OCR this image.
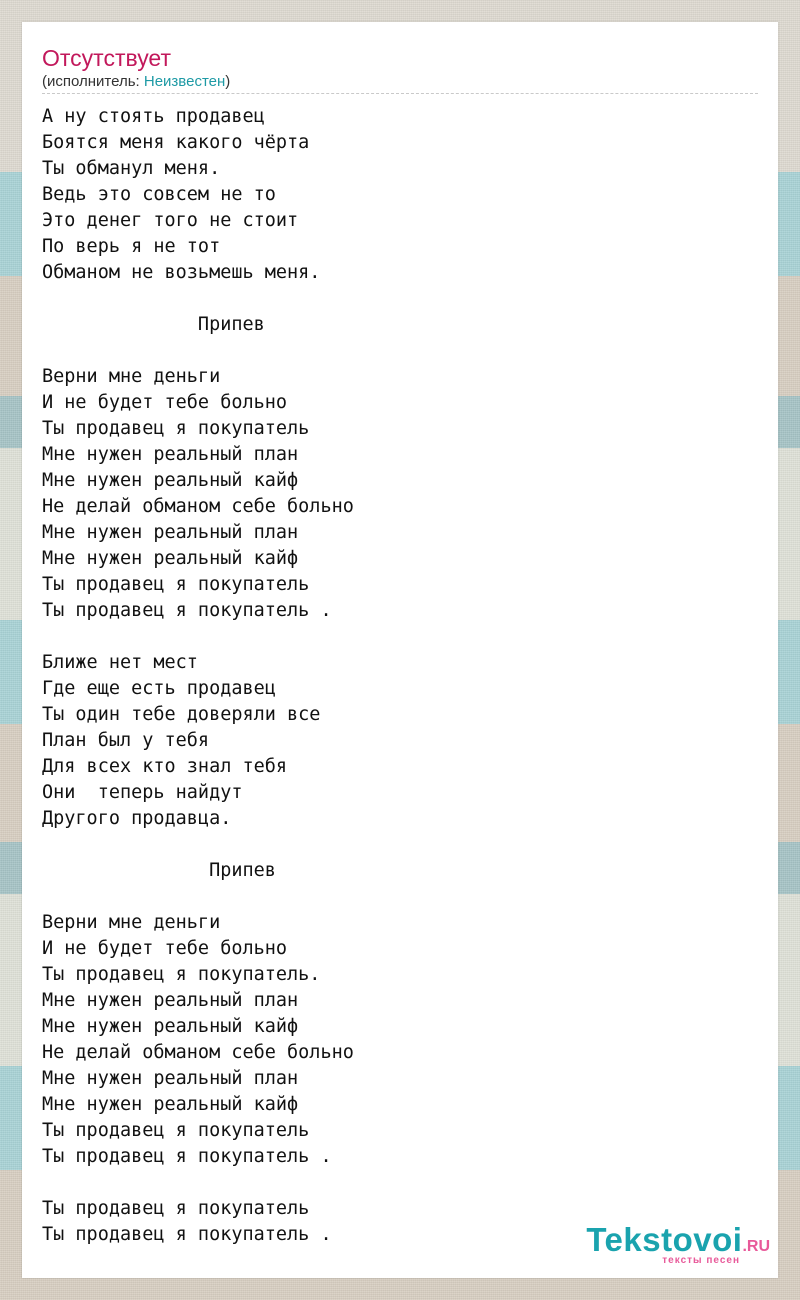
Отсутствует
(исполнитель: Неизвестен)
А ну стоять продавец
Боятся меня какого чёрта
Ты обманул меня.
Ведь это совсем не то
Это денег того не стоит
По верь я не тот
Обманом не возьмешь меня.

Припев

Верни мне деньги
И не будет тебе больно
Ты продавец я покупатель
Мне нужен реальный план
Мне нужен реальный кайф
Не делай обманом себе больно
Мне нужен реальный план
Мне нужен реальный кайф
Ты продавец я покупатель
Ты продавец я покупатель .

Ближе нет мест
Где еще есть продавец
Ты один тебе доверяли все
План был у тебя
Для всех кто знал тебя
Они  теперь найдут
Другого продавца.

Припев

Верни мне деньги
И не будет тебе больно
Ты продавец я покупатель.
Мне нужен реальный план
Мне нужен реальный кайф
Не делай обманом себе больно
Мне нужен реальный план
Мне нужен реальный кайф
Ты продавец я покупатель
Ты продавец я покупатель .

Ты продавец я покупатель
Ты продавец я покупатель .	Tekstovoi.RU
тексты песен
